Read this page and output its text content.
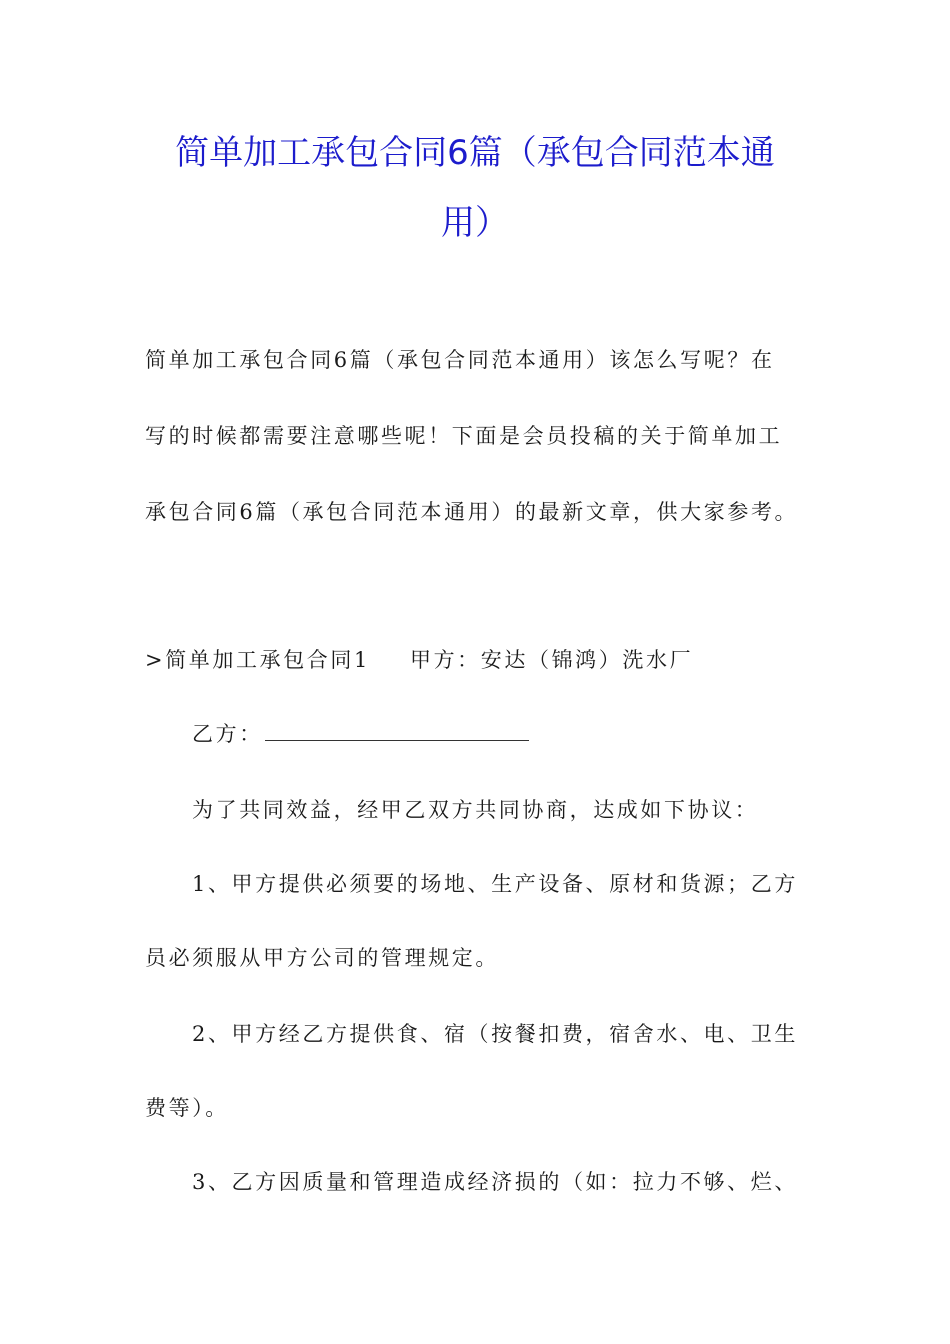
简单加工承包合同6篇（承包合同范本通
用）
简单加工承包合同6篇（承包合同范本通用）该怎么写呢？在
写的时候都需要注意哪些呢！下面是会员投稿的关于简单加工
承包合同6篇（承包合同范本通用）的最新文章，供大家参考。
>简单加工承包合同1 甲方：安达（锦鸿）洗水厂
乙方：
为了共同效益，经甲乙双方共同协商，达成如下协议：
1、甲方提供必须要的场地、生产设备、原材和货源；乙方
员必须服从甲方公司的管理规定。
2、甲方经乙方提供食、宿（按餐扣费，宿舍水、电、卫生
费等）。
3、乙方因质量和管理造成经济损的（如：拉力不够、烂、
